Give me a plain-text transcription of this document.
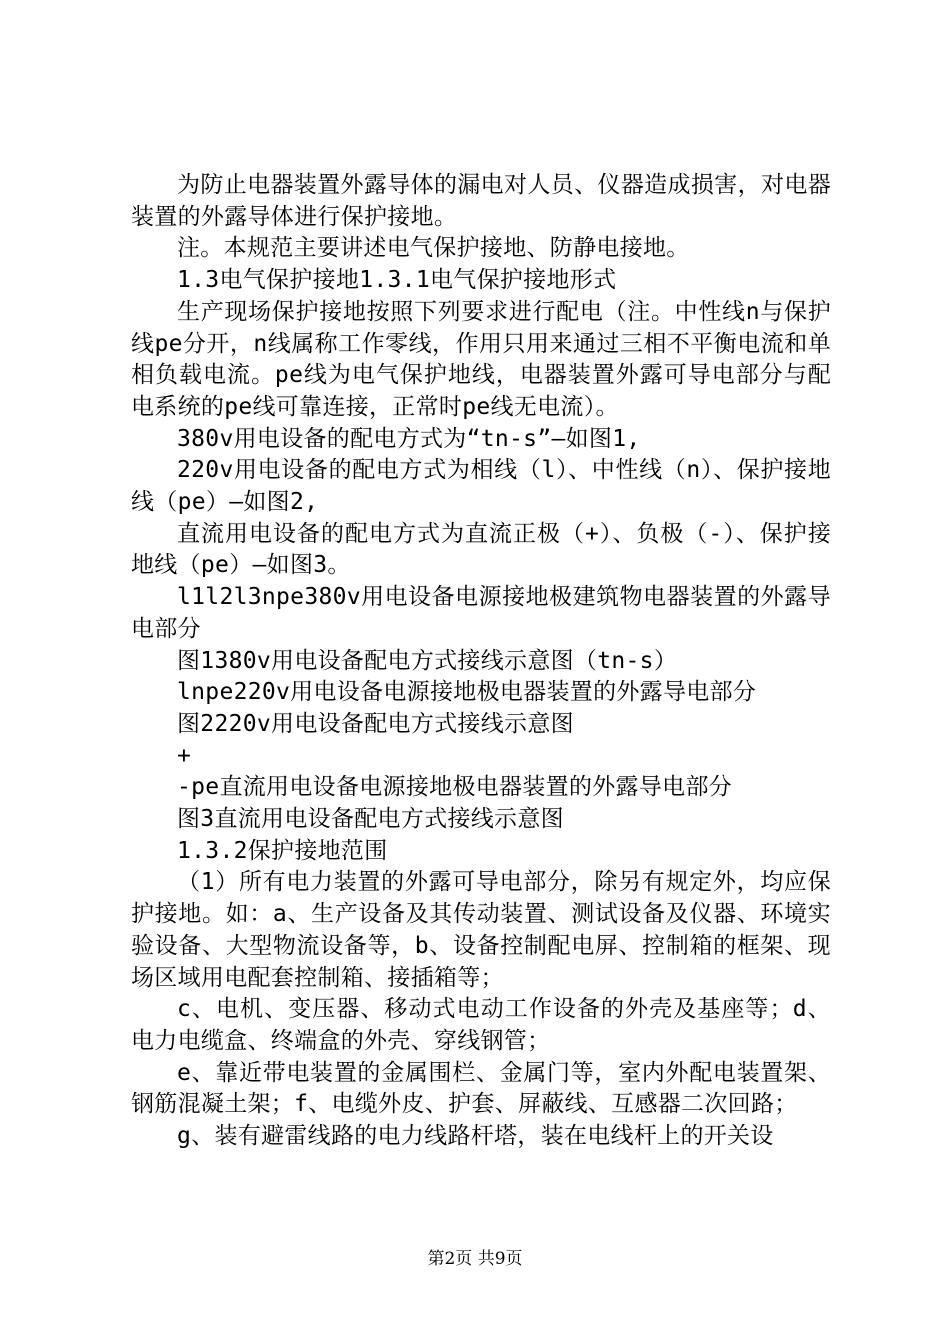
为防止电器装置外露导体的漏电对人员、仪器造成损害，对电器装置的外露导体进行保护接地。

注。本规范主要讲述电气保护接地、防静电接地。

1.3电气保护接地1.3.1电气保护接地形式

生产现场保护接地按照下列要求进行配电（注。中性线n与保护线pe分开，n线属称工作零线，作用只用来通过三相不平衡电流和单相负载电流。pe线为电气保护地线，电器装置外露可导电部分与配电系统的pe线可靠连接，正常时pe线无电流）。

380v用电设备的配电方式为“tn-s”—如图1,

220v用电设备的配电方式为相线（l）、中性线（n）、保护接地线（pe）—如图2,

直流用电设备的配电方式为直流正极（+）、负极（-）、保护接地线（pe）—如图3。

l1l2l3npe380v用电设备电源接地极建筑物电器装置的外露导电部分

图1380v用电设备配电方式接线示意图（tn-s）

lnpe220v用电设备电源接地极电器装置的外露导电部分

图2220v用电设备配电方式接线示意图

+

-pe直流用电设备电源接地极电器装置的外露导电部分

图3直流用电设备配电方式接线示意图

1.3.2保护接地范围

（1）所有电力装置的外露可导电部分，除另有规定外，均应保护接地。如：a、生产设备及其传动装置、测试设备及仪器、环境实验设备、大型物流设备等，b、设备控制配电屏、控制箱的框架、现场区域用电配套控制箱、接插箱等；

c、电机、变压器、移动式电动工作设备的外壳及基座等；d、电力电缆盒、终端盒的外壳、穿线钢管；

e、靠近带电装置的金属围栏、金属门等，室内外配电装置架、钢筋混凝土架；f、电缆外皮、护套、屏蔽线、互感器二次回路；

g、装有避雷线路的电力线路杆塔，装在电线杆上的开关设

第2页 共9页
